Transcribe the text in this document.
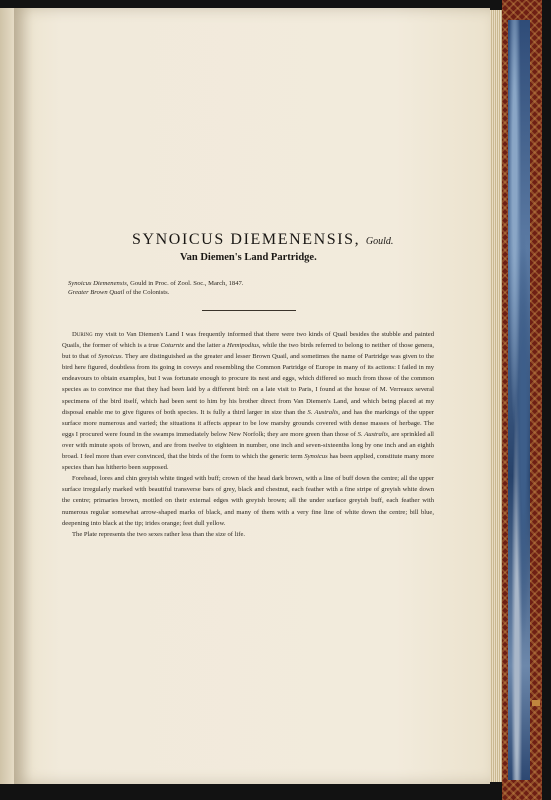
SYNOICUS DIEMENENSIS, Gould.
Van Diemen's Land Partridge.
Synoicus Diemenensis, Gould in Proc. of Zool. Soc., March, 1847.
Greater Brown Quail of the Colonists.

During my visit to Van Diemen's Land I was frequently informed that there were two kinds of Quail besides the stubble and painted Quails, the former of which is a true Coturnix and the latter a Hemipodius, while the two birds referred to belong to neither of those genera, but to that of Synoicus. They are distinguished as the greater and lesser Brown Quail, and sometimes the name of Partridge was given to the bird here figured, doubtless from its going in coveys and resembling the Common Partridge of Europe in many of its actions: I failed in my endeavours to obtain examples, but I was fortunate enough to procure its nest and eggs, which differed so much from those of the common species as to convince me that they had been laid by a different bird: on a late visit to Paris, I found at the house of M. Verreaux several specimens of the bird itself, which had been sent to him by his brother direct from Van Diemen's Land, and which being placed at my disposal enable me to give figures of both species. It is fully a third larger in size than the S. Australis, and has the markings of the upper surface more numerous and varied; the situations it affects appear to be low marshy grounds covered with dense masses of herbage. The eggs I procured were found in the swamps immediately below New Norfolk; they are more green than those of S. Australis, are sprinkled all over with minute spots of brown, and are from twelve to eighteen in number, one inch and seven-sixteenths long by one inch and an eighth broad. I feel more than ever convinced, that the birds of the form to which the generic term Synoicus has been applied, constitute many more species than has hitherto been supposed.

Forehead, lores and chin greyish white tinged with buff; crown of the head dark brown, with a line of buff down the centre; all the upper surface irregularly marked with beautiful transverse bars of grey, black and chestnut, each feather with a fine stripe of greyish white down the centre; primaries brown, mottled on their external edges with greyish brown; all the under surface greyish buff, each feather with numerous regular somewhat arrow-shaped marks of black, and many of them with a very fine line of white down the centre; bill blue, deepening into black at the tip; irides orange; feet dull yellow.

The Plate represents the two sexes rather less than the size of life.
